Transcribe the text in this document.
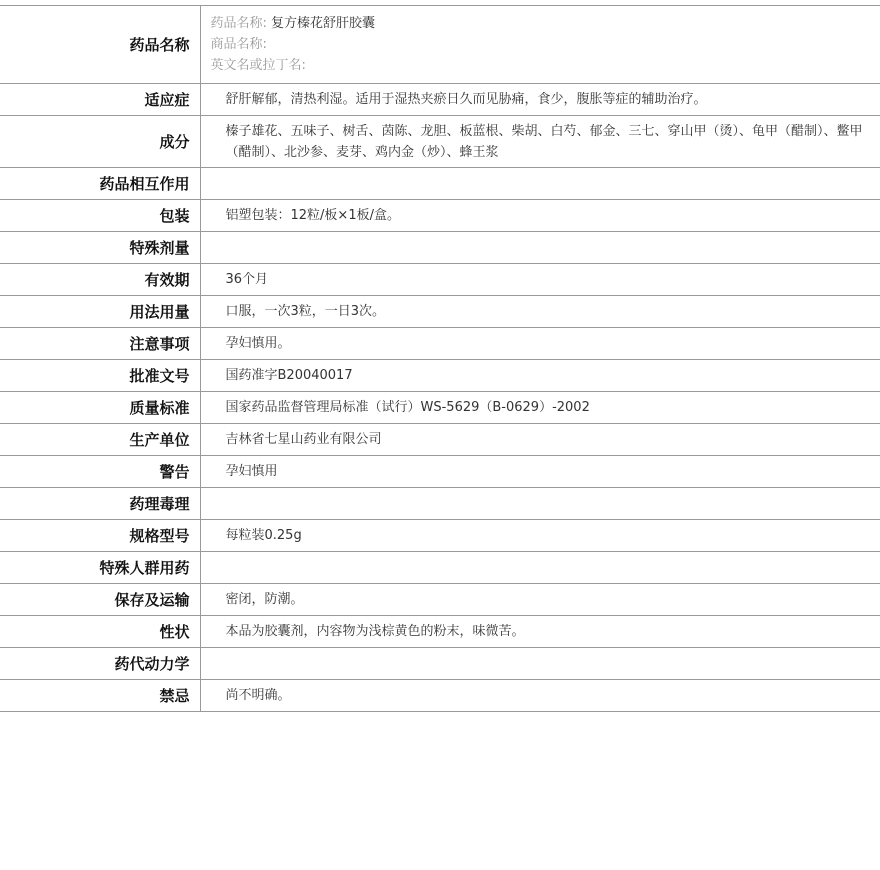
药品名称	药品名称: 复方榛花舒肝胶囊
商品名称:
英文名或拉丁名:

适应症	舒肝解郁，清热利湿。适用于湿热夹瘀日久而见胁痛，食少，腹胀等症的辅助治疗。
成分	榛子雄花、五味子、树舌、茵陈、龙胆、板蓝根、柴胡、白芍、郁金、三七、穿山甲（烫）、龟甲（醋制）、鳖甲（醋制）、北沙参、麦芽、鸡内金（炒）、蜂王浆
药品相互作用	
包装	铝塑包装：12粒/板×1板/盒。
特殊剂量	
有效期	36个月
用法用量	口服，一次3粒，一日3次。
注意事项	孕妇慎用。
批准文号	国药准字B20040017
质量标准	国家药品监督管理局标准（试行）WS-5629（B-0629）-2002
生产单位	吉林省七星山药业有限公司
警告	孕妇慎用
药理毒理	
规格型号	每粒装0.25g
特殊人群用药	
保存及运输	密闭，防潮。
性状	本品为胶囊剂，内容物为浅棕黄色的粉末，味微苦。
药代动力学	
禁忌	尚不明确。
